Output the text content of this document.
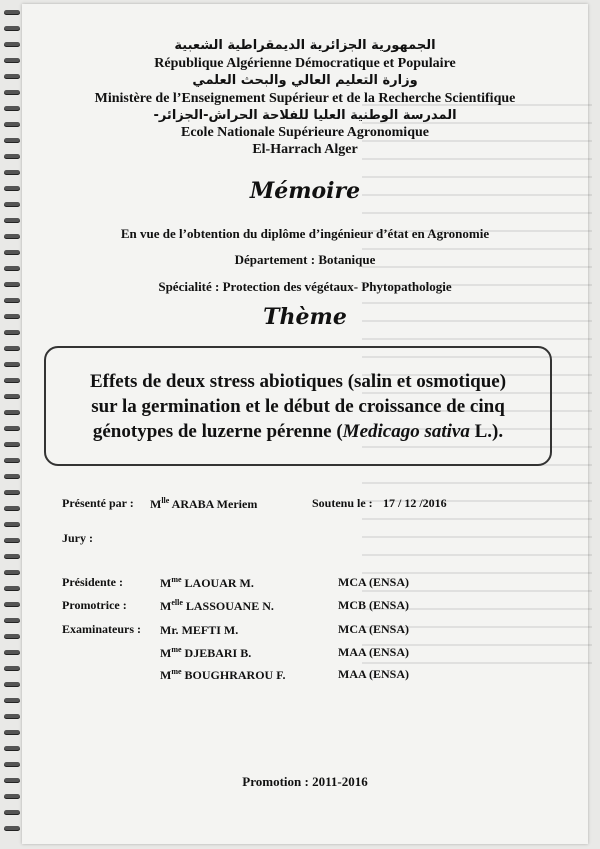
الجمهورية الجزائرية الديمقراطية الشعبية
République Algérienne Démocratique et Populaire
وزارة التعليم العالي والبحث العلمي
Ministère de l’Enseignement Supérieur et de la Recherche Scientifique
المدرسة الوطنية العليا للفلاحة الحراش-الجزائر-
Ecole Nationale Supérieure Agronomique
El-Harrach Alger
Mémoire
En vue de l’obtention du diplôme d’ingénieur d’état en Agronomie
Département : Botanique
Spécialité : Protection des végétaux- Phytopathologie
Thème
Effets de deux stress abiotiques (salin et osmotique)
sur la germination et le début de croissance de cinq
génotypes de luzerne pérenne (Medicago sativa L.).
Présenté par : $M^{lle}$ ARABA Meriem	Soutenu le : 17 / 12 /2016
Jury :
Présidente :	$M^{me}$ LAOUAR M.	MCA (ENSA)
Promotrice :	$M^{elle}$ LASSOUANE N.	MCB (ENSA)
Examinateurs : Mr. MEFTI M.	MCA (ENSA)
$M^{me}$ DJEBARI B.	MAA (ENSA)
$M^{me}$ BOUGHRAROU F.	MAA (ENSA)
Promotion : 2011-2016
